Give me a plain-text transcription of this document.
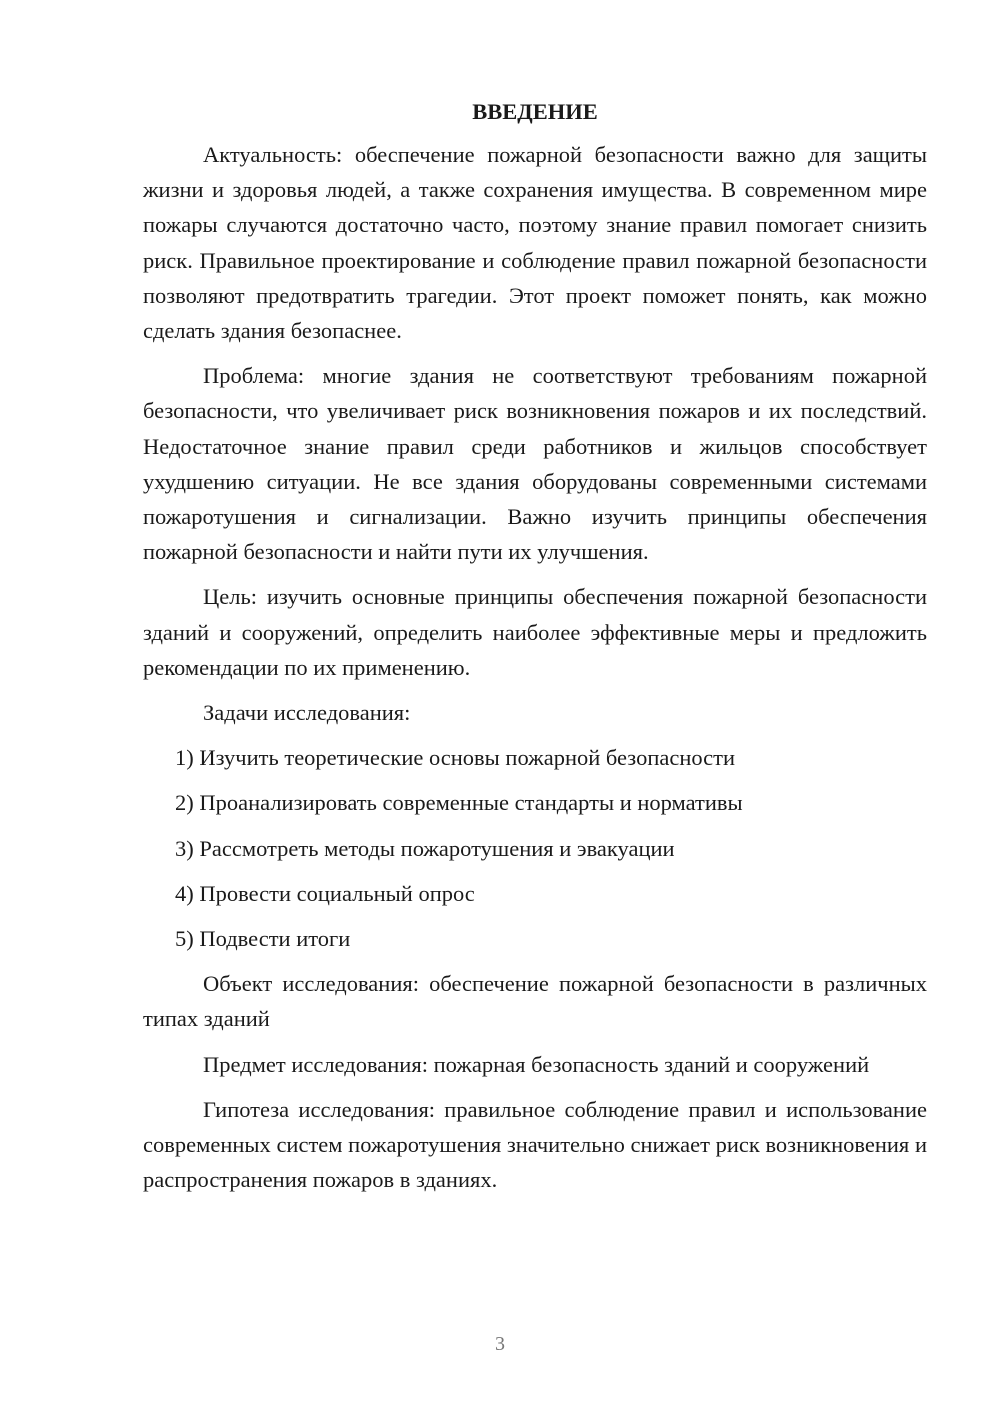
ВВЕДЕНИЕ

Актуальность: обеспечение пожарной безопасности важно для защиты жизни и здоровья людей, а также сохранения имущества. В современном мире пожары случаются достаточно часто, поэтому знание правил помогает снизить риск. Правильное проектирование и соблюдение правил пожарной безопасности позволяют предотвратить трагедии. Этот проект поможет понять, как можно сделать здания безопаснее.

Проблема: многие здания не соответствуют требованиям пожарной безопасности, что увеличивает риск возникновения пожаров и их последствий. Недостаточное знание правил среди работников и жильцов способствует ухудшению ситуации. Не все здания оборудованы современными системами пожаротушения и сигнализации. Важно изучить принципы обеспечения пожарной безопасности и найти пути их улучшения.

Цель: изучить основные принципы обеспечения пожарной безопасности зданий и сооружений, определить наиболее эффективные меры и предложить рекомендации по их применению.

Задачи исследования:

1) Изучить теоретические основы пожарной безопасности
2) Проанализировать современные стандарты и нормативы
3) Рассмотреть методы пожаротушения и эвакуации
4) Провести социальный опрос
5) Подвести итоги

Объект исследования: обеспечение пожарной безопасности в различных типах зданий

Предмет исследования: пожарная безопасность зданий и сооружений

Гипотеза исследования: правильное соблюдение правил и использование современных систем пожаротушения значительно снижает риск возникновения и распространения пожаров в зданиях.

3
